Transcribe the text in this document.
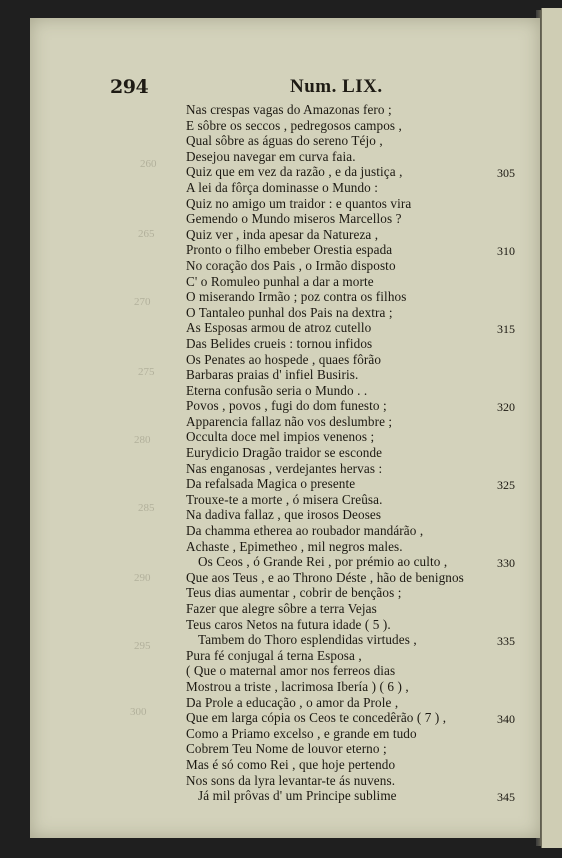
294	Num. LIX.
260
265
270
275
280
285
290
295
300
Nas crespas vagas do Amazonas fero ;
E sôbre os seccos , pedregosos campos ,
Qual sôbre as águas do sereno Téjo ,
Desejou navegar em curva faia.
Quiz que em vez da razão , e da justiça ,
A lei da fôrça dominasse o Mundo :
Quiz no amigo um traidor : e quantos vira
Gemendo o Mundo miseros Marcellos ?
Quiz ver , inda apesar da Natureza ,
Pronto o filho embeber Orestia espada
No coração dos Pais , o Irmão disposto
C' o Romuleo punhal a dar a morte
O miserando Irmão ; poz contra os filhos
O Tantaleo punhal dos Pais na dextra ;
As Esposas armou de atroz cutello
Das Belides crueis : tornou infidos
Os Penates ao hospede , quaes fôrão
Barbaras praias d' infiel Busiris.
Eterna confusão seria o Mundo . .
Povos , povos , fugi do dom funesto ;
Apparencia fallaz não vos deslumbre ;
Occulta doce mel impios venenos ;
Eurydicio Dragão traidor se esconde
Nas enganosas , verdejantes hervas :
Da refalsada Magica o presente
Trouxe-te a morte , ó misera Creûsa.
Na dadiva fallaz , que irosos Deoses
Da chamma etherea ao roubador mandárão ,
Achaste , Epimetheo , mil negros males.
Os Ceos , ó Grande Rei , por prémio ao culto ,
Que aos Teus , e ao Throno Déste , hão de benignos
Teus dias aumentar , cobrir de bençãos ;
Fazer que alegre sôbre a terra Vejas
Teus caros Netos na futura idade ( 5 ).
Tambem do Thoro esplendidas virtudes ,
Pura fé conjugal á terna Esposa ,
( Que o maternal amor nos ferreos dias
Mostrou a triste , lacrimosa Ibería ) ( 6 ) ,
Da Prole a educação , o amor da Prole ,
Que em larga cópia os Ceos te concedêrão ( 7 ) ,
Como a Priamo excelso , e grande em tudo
Cobrem Teu Nome de louvor eterno ;
Mas é só como Rei , que hoje pertendo
Nos sons da lyra levantar-te ás nuvens.
Já mil prôvas d' um Principe sublime
305
310
315
320
325
330
335
340
345
